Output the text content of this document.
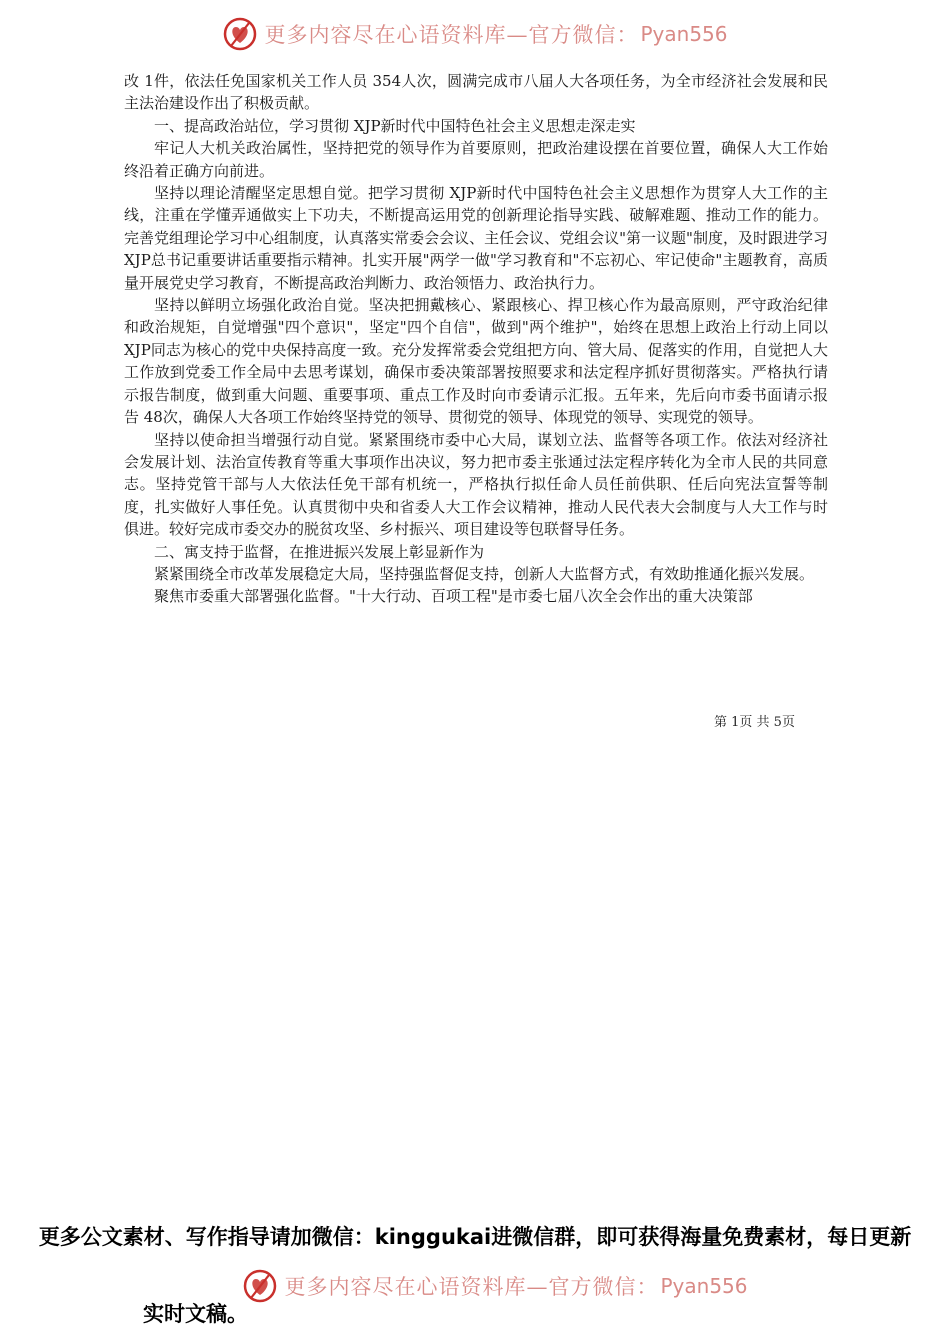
更多内容尽在心语资料库—官方微信： Pyan556

改 1件，依法任免国家机关工作人员 354人次，圆满完成市八届人大各项任务，为全市经济社会发展和民主法治建设作出了积极贡献。

一、提高政治站位，学习贯彻 XJP新时代中国特色社会主义思想走深走实

牢记人大机关政治属性，坚持把党的领导作为首要原则，把政治建设摆在首要位置，确保人大工作始终沿着正确方向前进。

坚持以理论清醒坚定思想自觉。把学习贯彻 XJP新时代中国特色社会主义思想作为贯穿人大工作的主线，注重在学懂弄通做实上下功夫，不断提高运用党的创新理论指导实践、破解难题、推动工作的能力。完善党组理论学习中心组制度，认真落实常委会会议、主任会议、党组会议"第一议题"制度，及时跟进学习 XJP总书记重要讲话重要指示精神。扎实开展"两学一做"学习教育和"不忘初心、牢记使命"主题教育，高质量开展党史学习教育，不断提高政治判断力、政治领悟力、政治执行力。

坚持以鲜明立场强化政治自觉。坚决把拥戴核心、紧跟核心、捍卫核心作为最高原则，严守政治纪律和政治规矩，自觉增强"四个意识"，坚定"四个自信"，做到"两个维护"，始终在思想上政治上行动上同以 XJP同志为核心的党中央保持高度一致。充分发挥常委会党组把方向、管大局、促落实的作用，自觉把人大工作放到党委工作全局中去思考谋划，确保市委决策部署按照要求和法定程序抓好贯彻落实。严格执行请示报告制度，做到重大问题、重要事项、重点工作及时向市委请示汇报。五年来，先后向市委书面请示报告 48次，确保人大各项工作始终坚持党的领导、贯彻党的领导、体现党的领导、实现党的领导。

坚持以使命担当增强行动自觉。紧紧围绕市委中心大局，谋划立法、监督等各项工作。依法对经济社会发展计划、法治宣传教育等重大事项作出决议，努力把市委主张通过法定程序转化为全市人民的共同意志。坚持党管干部与人大依法任免干部有机统一，严格执行拟任命人员任前供职、任后向宪法宣誓等制度，扎实做好人事任免。认真贯彻中央和省委人大工作会议精神，推动人民代表大会制度与人大工作与时俱进。较好完成市委交办的脱贫攻坚、乡村振兴、项目建设等包联督导任务。

二、寓支持于监督，在推进振兴发展上彰显新作为

紧紧围绕全市改革发展稳定大局，坚持强监督促支持，创新人大监督方式，有效助推通化振兴发展。

聚焦市委重大部署强化监督。"十大行动、百项工程"是市委七届八次全会作出的重大决策部

第 1页 共 5页
更多公文素材、写作指导请加微信：kinggukai进微信群，即可获得海量免费素材，每日更新
更多内容尽在心语资料库—官方微信： Pyan556
实时文稿。
